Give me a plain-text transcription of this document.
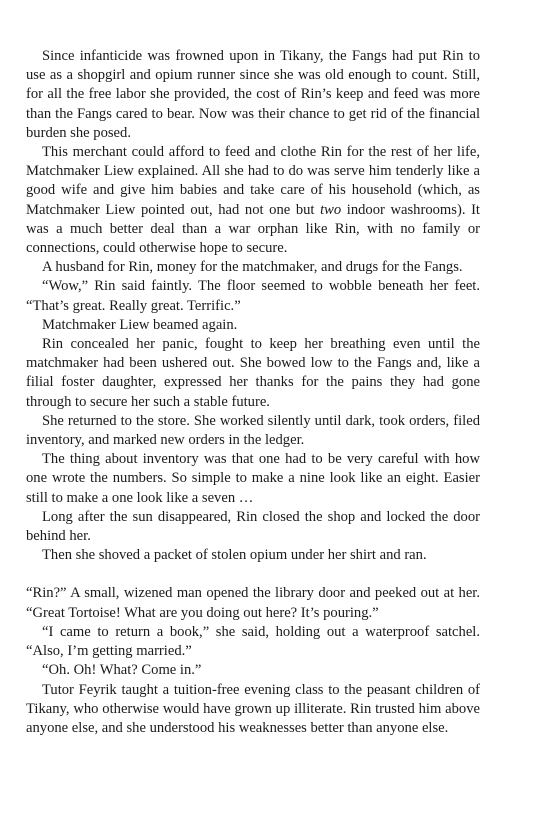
Since infanticide was frowned upon in Tikany, the Fangs had put Rin to use as a shopgirl and opium runner since she was old enough to count. Still, for all the free labor she provided, the cost of Rin’s keep and feed was more than the Fangs cared to bear. Now was their chance to get rid of the financial burden she posed.

This merchant could afford to feed and clothe Rin for the rest of her life, Matchmaker Liew explained. All she had to do was serve him tenderly like a good wife and give him babies and take care of his household (which, as Matchmaker Liew pointed out, had not one but two indoor washrooms). It was a much better deal than a war orphan like Rin, with no family or connections, could otherwise hope to secure.

A husband for Rin, money for the matchmaker, and drugs for the Fangs.

“Wow,” Rin said faintly. The floor seemed to wobble beneath her feet. “That’s great. Really great. Terrific.”

Matchmaker Liew beamed again.

Rin concealed her panic, fought to keep her breathing even until the matchmaker had been ushered out. She bowed low to the Fangs and, like a filial foster daughter, expressed her thanks for the pains they had gone through to secure her such a stable future.

She returned to the store. She worked silently until dark, took orders, filed inventory, and marked new orders in the ledger.

The thing about inventory was that one had to be very careful with how one wrote the numbers. So simple to make a nine look like an eight. Easier still to make a one look like a seven …

Long after the sun disappeared, Rin closed the shop and locked the door behind her.

Then she shoved a packet of stolen opium under her shirt and ran.

“Rin?” A small, wizened man opened the library door and peeked out at her. “Great Tortoise! What are you doing out here? It’s pouring.”

“I came to return a book,” she said, holding out a waterproof satchel. “Also, I’m getting married.”

“Oh. Oh! What? Come in.”

Tutor Feyrik taught a tuition-free evening class to the peasant children of Tikany, who otherwise would have grown up illiterate. Rin trusted him above anyone else, and she understood his weaknesses better than anyone else.
